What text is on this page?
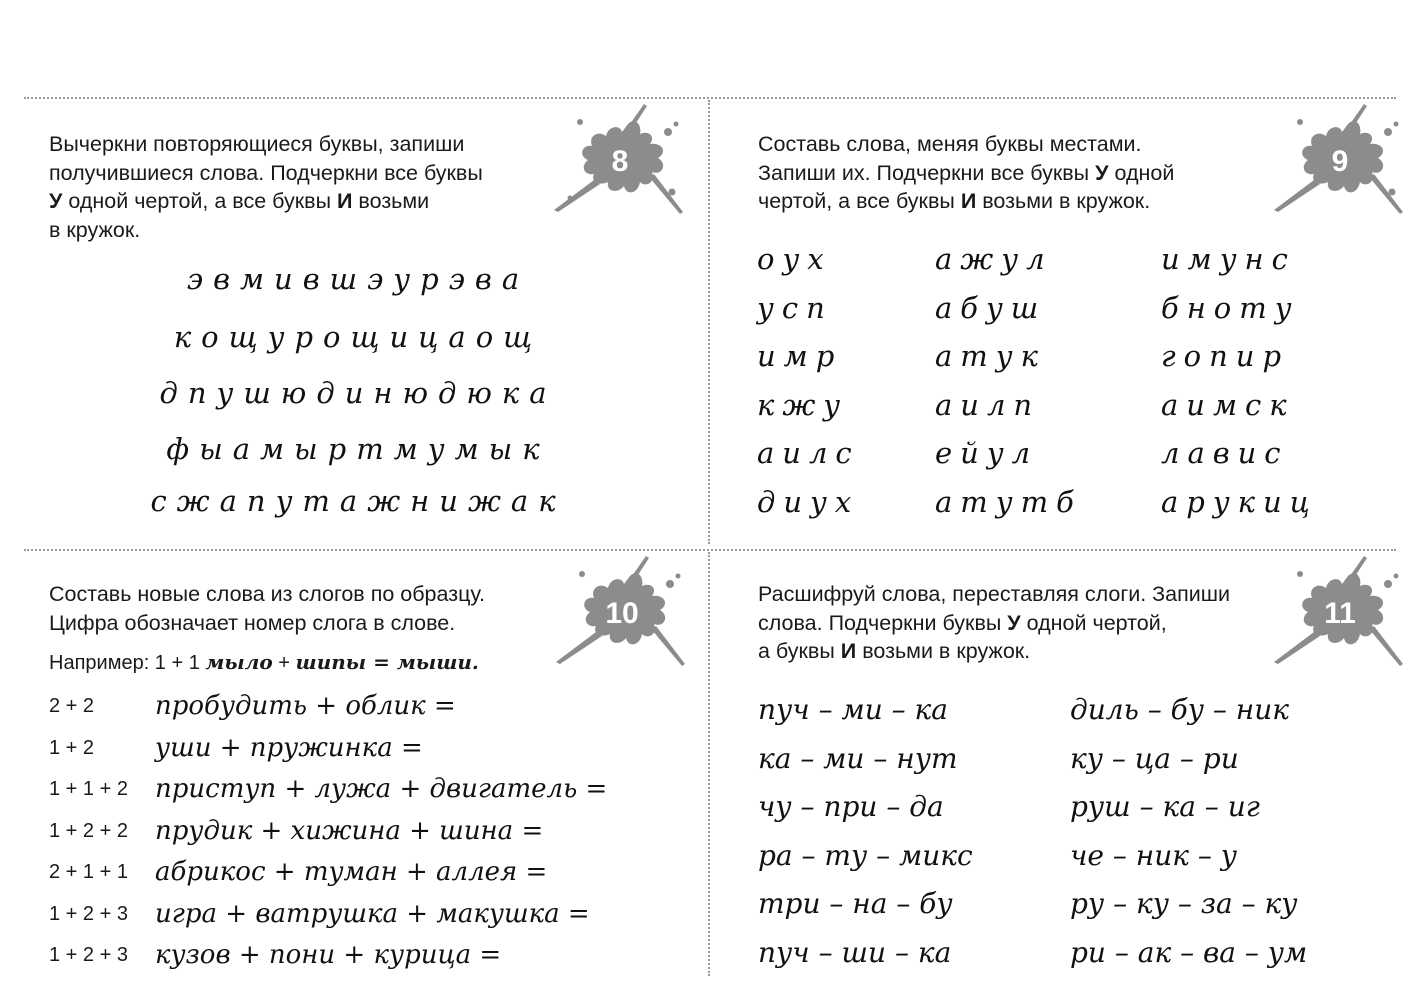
Вычеркни повторяющиеся буквы, запиши
получившиеся слова. Подчеркни все буквы
У одной чертой, а все буквы И возьми
в кружок.

8
эвмившэурэва
кощурощицаощ
дпушюдинюдюка
фыамыртмумык
сжапутажнижак

Составь слова, меняя буквы местами.
Запиши их. Подчеркни все буквы У одной
чертой, а все буквы И возьми в кружок.

9
оух
усп
имр
кжу
аилс
диух
ажул
абуш
атук
аилп
ейул
атутб
имунс
бноту
гопир
аимск
лавис
арукиц

Составь новые слова из слогов по образцу.
Цифра обозначает номер слога в слове.

Например: 1 + 1 мыло + шипы = мыши.
10
2 + 2 пробудить + облик =
1 + 2 уши + пружинка =
1 + 1 + 2 приступ + лужа + двигатель =
1 + 2 + 2 прудик + хижина + шина =
2 + 1 + 1 абрикос + туман + аллея =
1 + 2 + 3 игра + ватрушка + макушка =
1 + 2 + 3 кузов + пони + курица =

Расшифруй слова, переставляя слоги. Запиши
слова. Подчеркни буквы У одной чертой,
а буквы И возьми в кружок.

11
пуч – ми – ка
ка – ми – нут
чу – при – да
ра – ту – микс
три – на – бу
пуч – ши – ка
диль – бу – ник
ку – ца – ри
руш – ка – иг
че – ник – у
ру – ку – за – ку
ри – ак – ва – ум
